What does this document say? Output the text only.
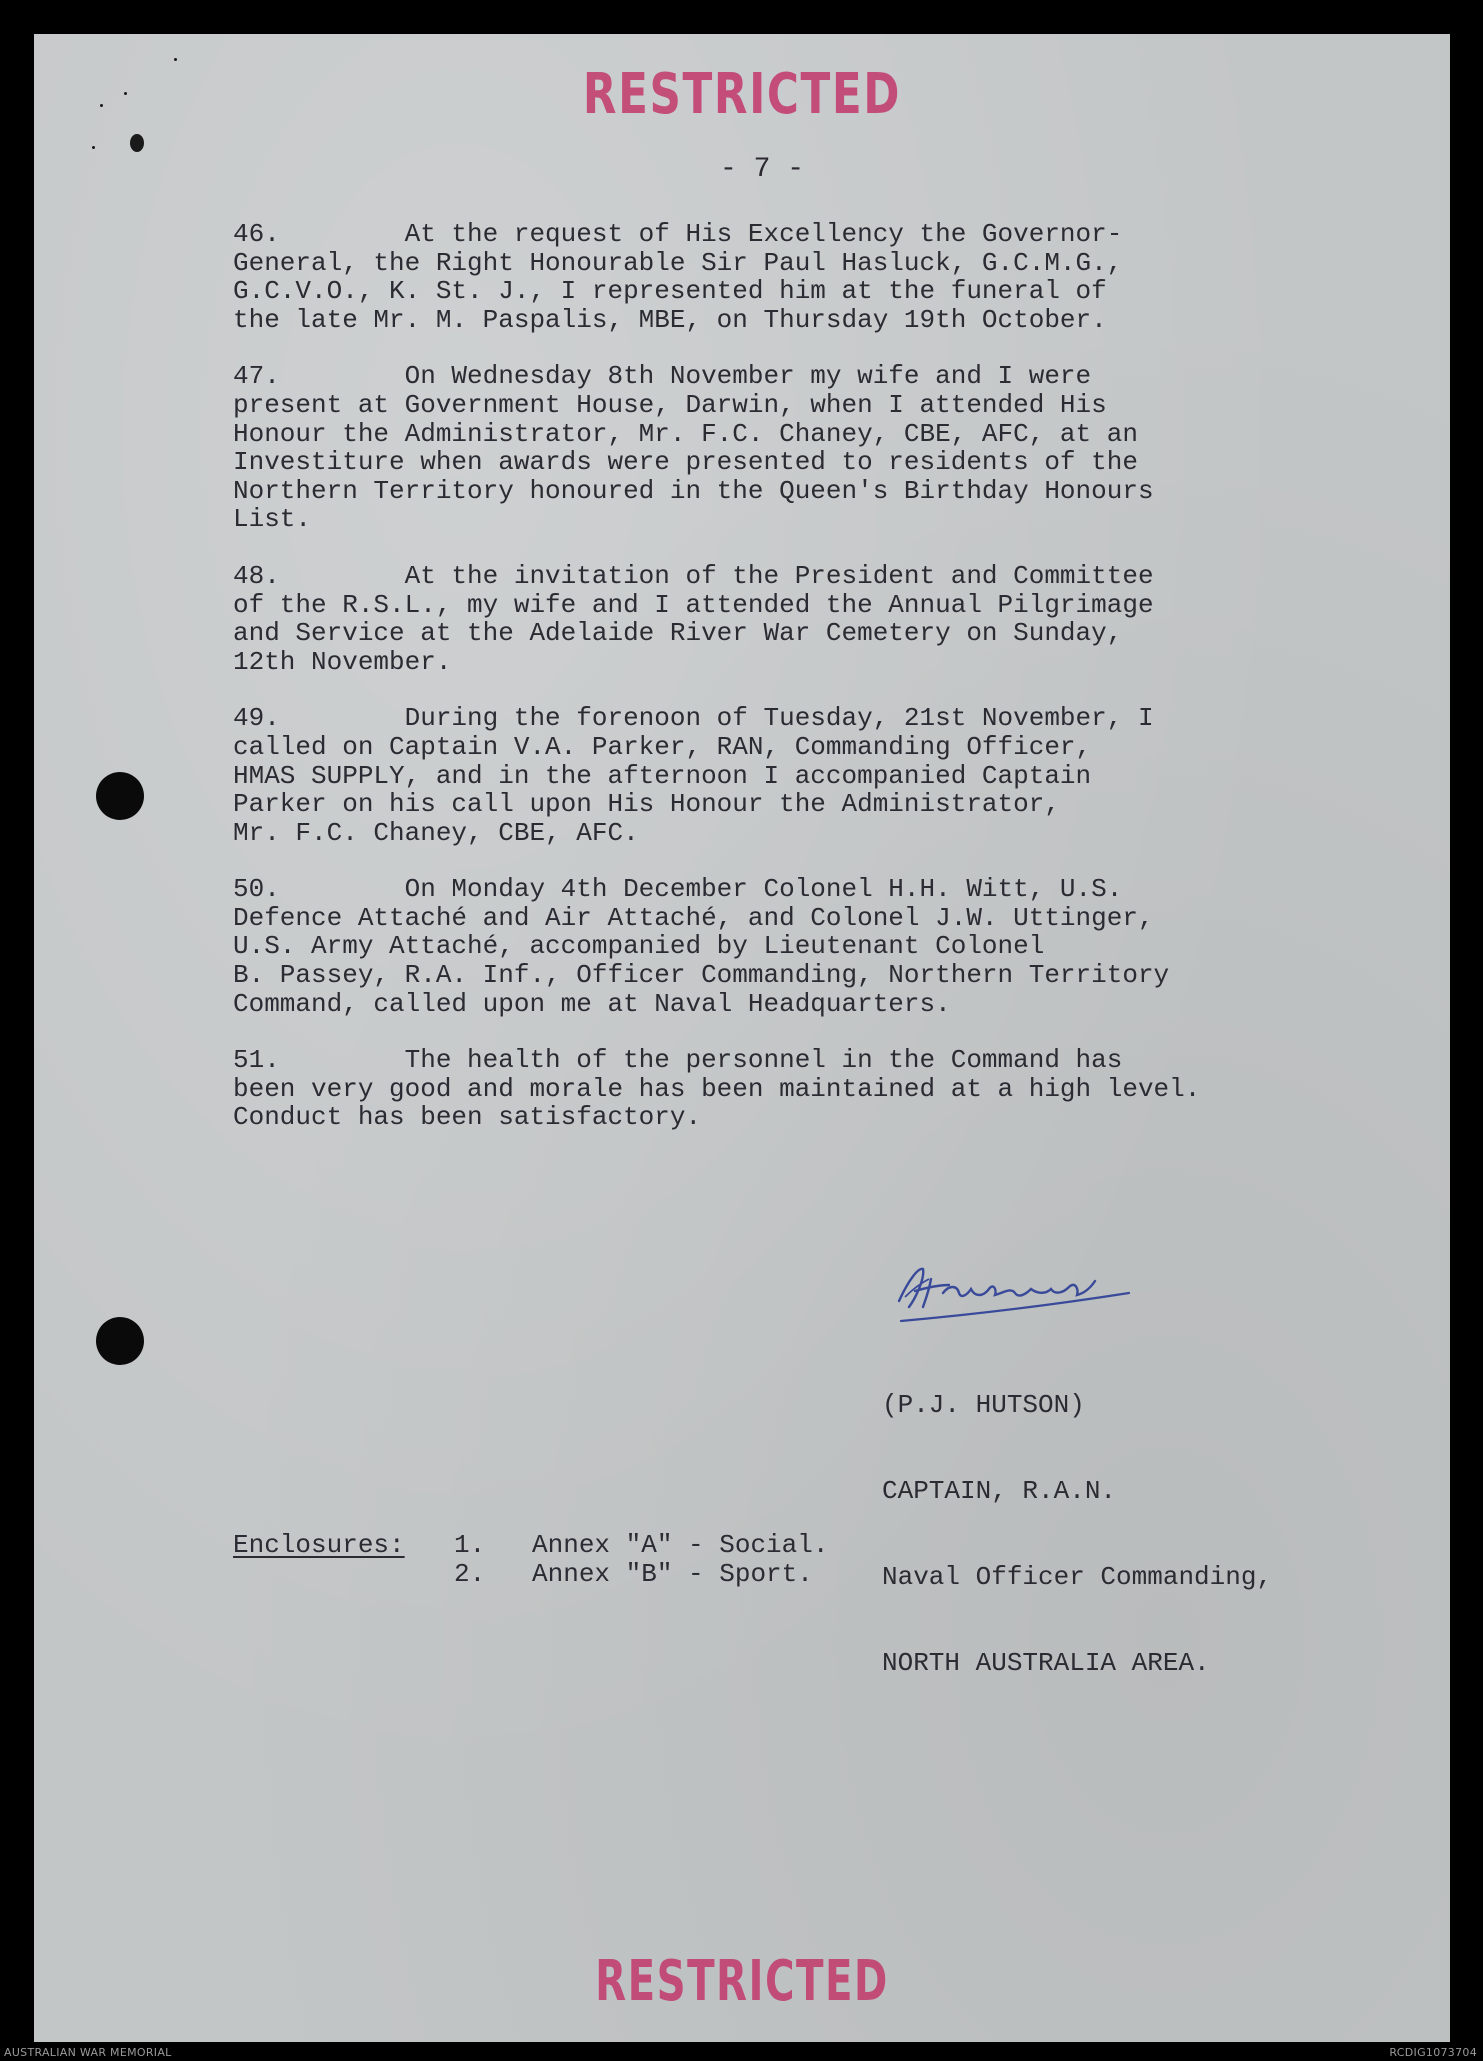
RESTRICTED
- 7 -

46.        At the request of His Excellency the Governor-
General, the Right Honourable Sir Paul Hasluck, G.C.M.G.,
G.C.V.O., K. St. J., I represented him at the funeral of
the late Mr. M. Paspalis, MBE, on Thursday 19th October.

47.        On Wednesday 8th November my wife and I were
present at Government House, Darwin, when I attended His
Honour the Administrator, Mr. F.C. Chaney, CBE, AFC, at an
Investiture when awards were presented to residents of the
Northern Territory honoured in the Queen's Birthday Honours
List.

48.        At the invitation of the President and Committee
of the R.S.L., my wife and I attended the Annual Pilgrimage
and Service at the Adelaide River War Cemetery on Sunday,
12th November.

49.        During the forenoon of Tuesday, 21st November, I
called on Captain V.A. Parker, RAN, Commanding Officer,
HMAS SUPPLY, and in the afternoon I accompanied Captain
Parker on his call upon His Honour the Administrator,
Mr. F.C. Chaney, CBE, AFC.

50.        On Monday 4th December Colonel H.H. Witt, U.S.
Defence Attaché and Air Attaché, and Colonel J.W. Uttinger,
U.S. Army Attaché, accompanied by Lieutenant Colonel
B. Passey, R.A. Inf., Officer Commanding, Northern Territory
Command, called upon me at Naval Headquarters.

51.        The health of the personnel in the Command has
been very good and morale has been maintained at a high level.
Conduct has been satisfactory.

(P.J. HUTSON)

CAPTAIN, R.A.N.

Naval Officer Commanding,

NORTH AUSTRALIA AREA.

Enclosures:	1.   Annex "A" - Social.
2.   Annex "B" - Sport.
RESTRICTED
AUSTRALIAN WAR MEMORIAL	RCDIG1073704
